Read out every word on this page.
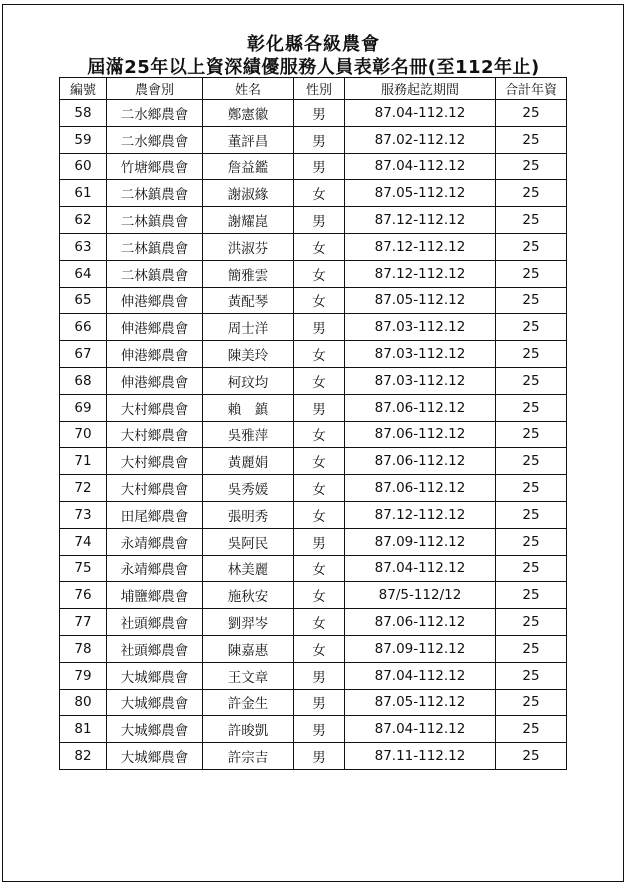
彰化縣各級農會
屆滿25年以上資深績優服務人員表彰名冊(至112年止)
編號	農會別	姓名	性別	服務起訖期間	合計年資
58	二水鄉農會	鄭憲徽	男	87.04-112.12	25
59	二水鄉農會	董評昌	男	87.02-112.12	25
60	竹塘鄉農會	詹益鑑	男	87.04-112.12	25
61	二林鎮農會	謝淑緣	女	87.05-112.12	25
62	二林鎮農會	謝耀崑	男	87.12-112.12	25
63	二林鎮農會	洪淑芬	女	87.12-112.12	25
64	二林鎮農會	簡雅雲	女	87.12-112.12	25
65	伸港鄉農會	黃配琴	女	87.05-112.12	25
66	伸港鄉農會	周士洋	男	87.03-112.12	25
67	伸港鄉農會	陳美玲	女	87.03-112.12	25
68	伸港鄉農會	柯玟均	女	87.03-112.12	25
69	大村鄉農會	賴　鎮	男	87.06-112.12	25
70	大村鄉農會	吳雅萍	女	87.06-112.12	25
71	大村鄉農會	黃麗娟	女	87.06-112.12	25
72	大村鄉農會	吳秀媛	女	87.06-112.12	25
73	田尾鄉農會	張明秀	女	87.12-112.12	25
74	永靖鄉農會	吳阿民	男	87.09-112.12	25
75	永靖鄉農會	林美麗	女	87.04-112.12	25
76	埔鹽鄉農會	施秋安	女	87/5-112/12	25
77	社頭鄉農會	劉羿岑	女	87.06-112.12	25
78	社頭鄉農會	陳嘉惠	女	87.09-112.12	25
79	大城鄉農會	王文章	男	87.04-112.12	25
80	大城鄉農會	許金生	男	87.05-112.12	25
81	大城鄉農會	許晙凱	男	87.04-112.12	25
82	大城鄉農會	許宗吉	男	87.11-112.12	25
